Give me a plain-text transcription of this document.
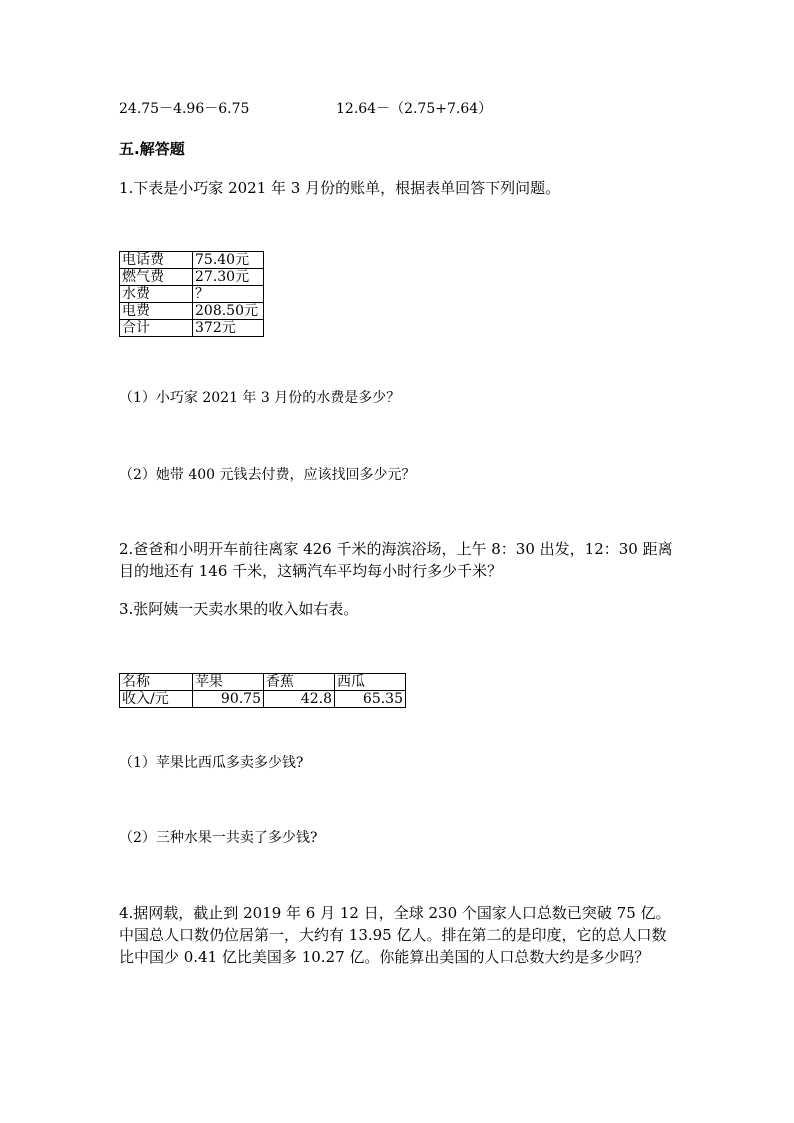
24.75－4.96－6.75	12.64－（2.75+7.64）
五.解答题
1.下表是小巧家 2021 年 3 月份的账单，根据表单回答下列问题。
电话费	75.40元
燃气费	27.30元
水费	？
电费	208.50元
合计	372元
（1）小巧家 2021 年 3 月份的水费是多少？
（2）她带 400 元钱去付费，应该找回多少元？
2.爸爸和小明开车前往离家 426 千米的海滨浴场，上午 8：30 出发，12：30 距离目的地还有 146 千米，这辆汽车平均每小时行多少千米？
3.张阿姨一天卖水果的收入如右表。
名称	苹果	香蕉	西瓜
收入/元	90.75	42.8	65.35
（1）苹果比西瓜多卖多少钱?
（2）三种水果一共卖了多少钱?
4.据网载，截止到 2019 年 6 月 12 日，全球 230 个国家人口总数已突破 75 亿。中国总人口数仍位居第一，大约有 13.95 亿人。排在第二的是印度，它的总人口数比中国少 0.41 亿比美国多 10.27 亿。你能算出美国的人口总数大约是多少吗？
